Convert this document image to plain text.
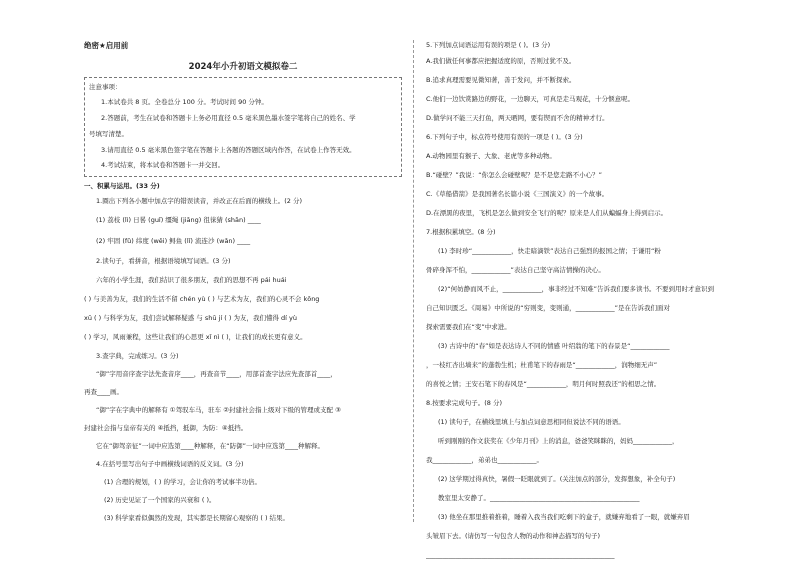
绝密★启用前
2024年小升初语文模拟卷二

注意事项：

1.本试卷共 8 页。全卷总分 100 分。考试时间 90 分钟。

2.答题前，考生在试卷和答题卡上务必用直径 0.5 毫米黑色墨水签字笔将自己的姓名、学

号填写清楚。

3.请用直径 0.5 毫米黑色签字笔在答题卡上各题的答题区域内作答，在试卷上作答无效。

4.考试结束，将本试卷和答题卡一并交回。

一、积累与运用。(33 分)
1.圈出下列各小题中加点字的错误读音，并改正在后面的横线上。(2 分)
(1) 荔枝 (lì) 日晷 (guǐ) 缰绳 (jiāng) 徂徕猜 (shān) ____
(2) 牢固 (fǔ) 纬度 (wěi) 鲟鱼 (lǐ) 流连沙 (wǎn) ____
2.读句子，看拼音，根据语境填写词语。(3 分)
六年的小学生涯，我们结识了很多朋友，我们的思想不再 pái huái
( ) 与美善为友，我们的生活不留 chén yù ( ) 与艺术为友，我们的心灵不会 kōng
xū ( ) 与科学为友，我们尝试解释疑惑 与 shū jí ( ) 为友，我们懂得 dí yù
( ) 学习，风雨兼程，这些让我们的心思更 xǐ nì ( )，让我们的成长更有意义。
3.查字典，完成练习。(3 分)
“御”字用音序查字法先查音序____，再查音节____，用部首查字法应先查部首____，
再查____画。
“御”字在字典中的解释有 ①驾驭车马，驻车 ②封建社会指上级对下级的管理或支配 ③
封建社会指与皇帝有关的 ④抵挡，抵御，为防：④抵挡。
它在“御驾亲征”一词中应选第____种解释，在“防御”一词中应选第____种解释。
4.在括号里写出句子中画横线词语的反义词。(3 分)
(1) 合理的规划，( ) 的学习，会让你的考试事半功倍。
(2) 历史见证了一个国家的兴衰和 ( )。
(3) 科学家看似偶然的发现，其实都是长期留心观察的 ( ) 结果。
5.下列加点词语运用有误的项是 ( )。(3 分)
A.我们做任何事都应把握适度的原，否则过犹不及。
B.追求真理需要见微知著，善于发问，并不断探索。
C.他们一边饮赏路边的野花，一边聊天，可真是走马观花，十分惬意呢。
D.做学问不能三天打鱼，两天晒网，要有锲而不舍的精神才行。
6.下列句子中，标点符号使用有误的一项是 ( )。(3 分)
A.动物园里有猴子、大象、老虎等多种动物。
B.“碰壁？”我说：“你怎么会碰壁呢？是不是您走路不小心？”
C.《草船借箭》是我国著名长篇小说《三国演义》的一个故事。
D.在漂黑的夜里，飞机是怎么做到安全飞行的呢？原来是人们从蝙蝠身上得到启示。
7.根据积累填空。(8 分)
(1) 李时珍“____________，快走暗滴铁”表达自己强烈的报国之情；于谦用“粉
骨碎身浑不怕，____________”表达自己坚守高洁情操的决心。
(2)“何妨静而风不止，____________，事非经过不知难”告诉我们要多读书。不要到用时才意识到
自己知识匮乏。《周易》中所说的“穷则变，变则通，____________”是在告诉我们面对
探索需要我们在“变”中求进。
(3) 古诗中的“春”如是表达诗人不同的情感 叶绍翁的笔下的春景是“____________
，一枝红杏出墙来”的蓬勃生机；杜甫笔下的春雨是“____________，润物细无声”
的喜悦之情；王安石笔下的春风是“____________，明月何时照我还”的相思之情。
8.按要求完成句子。(8 分)
(1) 读句子，在横线里填上与加点词意思相同但说法不同的语语。
听到刚刚的作文获奖在《少年月刊》上的消息，爸爸笑眯眯的，妈妈____________，
我____________，弟弟也____________。
(2) 这学期过得真快，暑假一眨眼就到了。(关注加点的部分，发挥想象，补全句子)
教室里太安静了。______________________________________________
(3) 他坐在那里推着推着，睡着入我当我们吃剩下的盒子，就嫌弃地看了一眼，就嫌弃眉
头皱眉下去。(请仿写一句包含人物的动作和神态描写的句子)
__________________________________________________________
